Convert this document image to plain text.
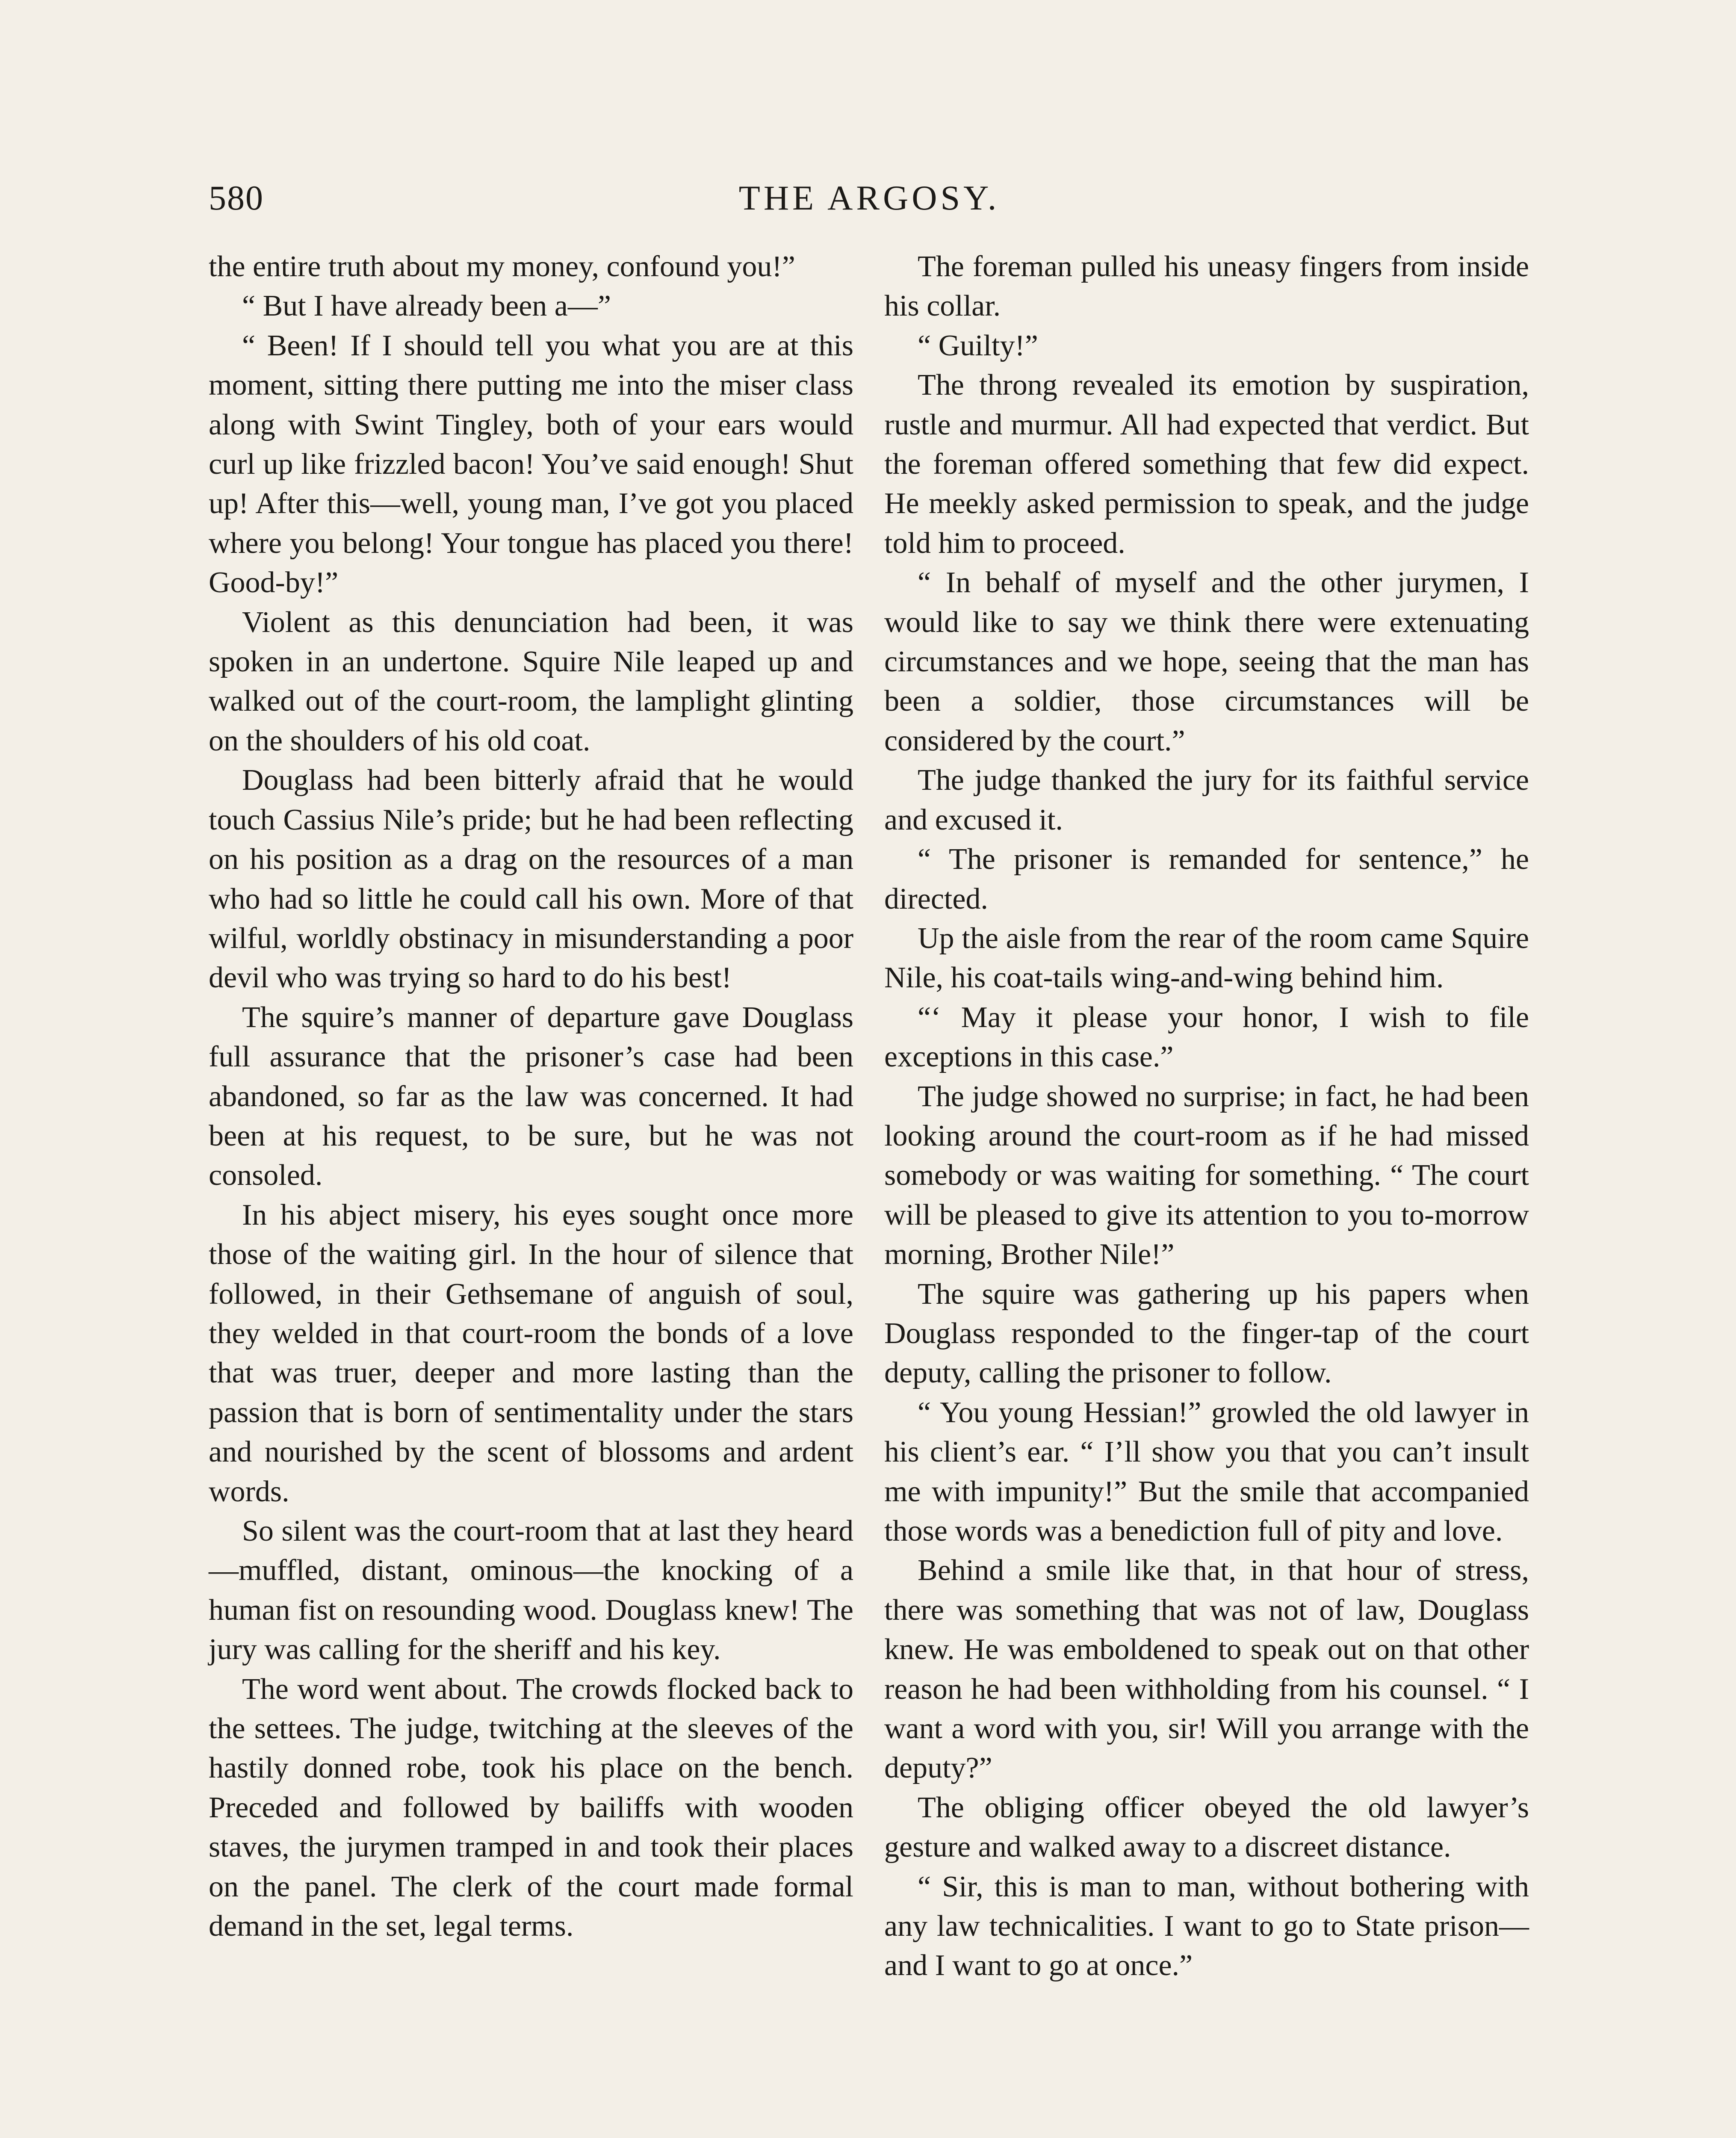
580	THE ARGOSY.

the entire truth about my money, confound you!”

“ But I have already been a—”

“ Been! If I should tell you what you are at this moment, sitting there putting me into the miser class along with Swint Tingley, both of your ears would curl up like frizzled bacon! You’ve said enough! Shut up! After this—well, young man, I’ve got you placed where you belong! Your tongue has placed you there! Good-by!”

Violent as this denunciation had been, it was spoken in an undertone. Squire Nile leaped up and walked out of the court-room, the lamplight glinting on the shoulders of his old coat.

Douglass had been bitterly afraid that he would touch Cassius Nile’s pride; but he had been reflecting on his position as a drag on the resources of a man who had so little he could call his own. More of that wilful, worldly obstinacy in misunderstanding a poor devil who was trying so hard to do his best!

The squire’s manner of departure gave Douglass full assurance that the prisoner’s case had been abandoned, so far as the law was concerned. It had been at his request, to be sure, but he was not consoled.

In his abject misery, his eyes sought once more those of the waiting girl. In the hour of silence that followed, in their Gethsemane of anguish of soul, they welded in that court-room the bonds of a love that was truer, deeper and more lasting than the passion that is born of sentimentality under the stars and nourished by the scent of blossoms and ardent words.

So silent was the court-room that at last they heard—muffled, distant, ominous—the knocking of a human fist on resounding wood. Douglass knew! The jury was calling for the sheriff and his key.

The word went about. The crowds flocked back to the settees. The judge, twitching at the sleeves of the hastily donned robe, took his place on the bench. Preceded and followed by bailiffs with wooden staves, the jurymen tramped in and took their places on the panel. The clerk of the court made formal demand in the set, legal terms.

The foreman pulled his uneasy fingers from inside his collar.

“ Guilty!”

The throng revealed its emotion by suspiration, rustle and murmur. All had expected that verdict. But the foreman offered something that few did expect. He meekly asked permission to speak, and the judge told him to proceed.

“ In behalf of myself and the other jurymen, I would like to say we think there were extenuating circumstances and we hope, seeing that the man has been a soldier, those circumstances will be considered by the court.”

The judge thanked the jury for its faithful service and excused it.

“ The prisoner is remanded for sentence,” he directed.

Up the aisle from the rear of the room came Squire Nile, his coat-tails wing-and-wing behind him.

“‘ May it please your honor, I wish to file exceptions in this case.”

The judge showed no surprise; in fact, he had been looking around the court-room as if he had missed somebody or was waiting for something. “ The court will be pleased to give its attention to you to-morrow morning, Brother Nile!”

The squire was gathering up his papers when Douglass responded to the finger-tap of the court deputy, calling the prisoner to follow.

“ You young Hessian!” growled the old lawyer in his client’s ear. “ I’ll show you that you can’t insult me with impunity!” But the smile that accompanied those words was a benediction full of pity and love.

Behind a smile like that, in that hour of stress, there was something that was not of law, Douglass knew. He was emboldened to speak out on that other reason he had been withholding from his counsel. “ I want a word with you, sir! Will you arrange with the deputy?”

The obliging officer obeyed the old lawyer’s gesture and walked away to a discreet distance.

“ Sir, this is man to man, without bothering with any law technicalities. I want to go to State prison—and I want to go at once.”
